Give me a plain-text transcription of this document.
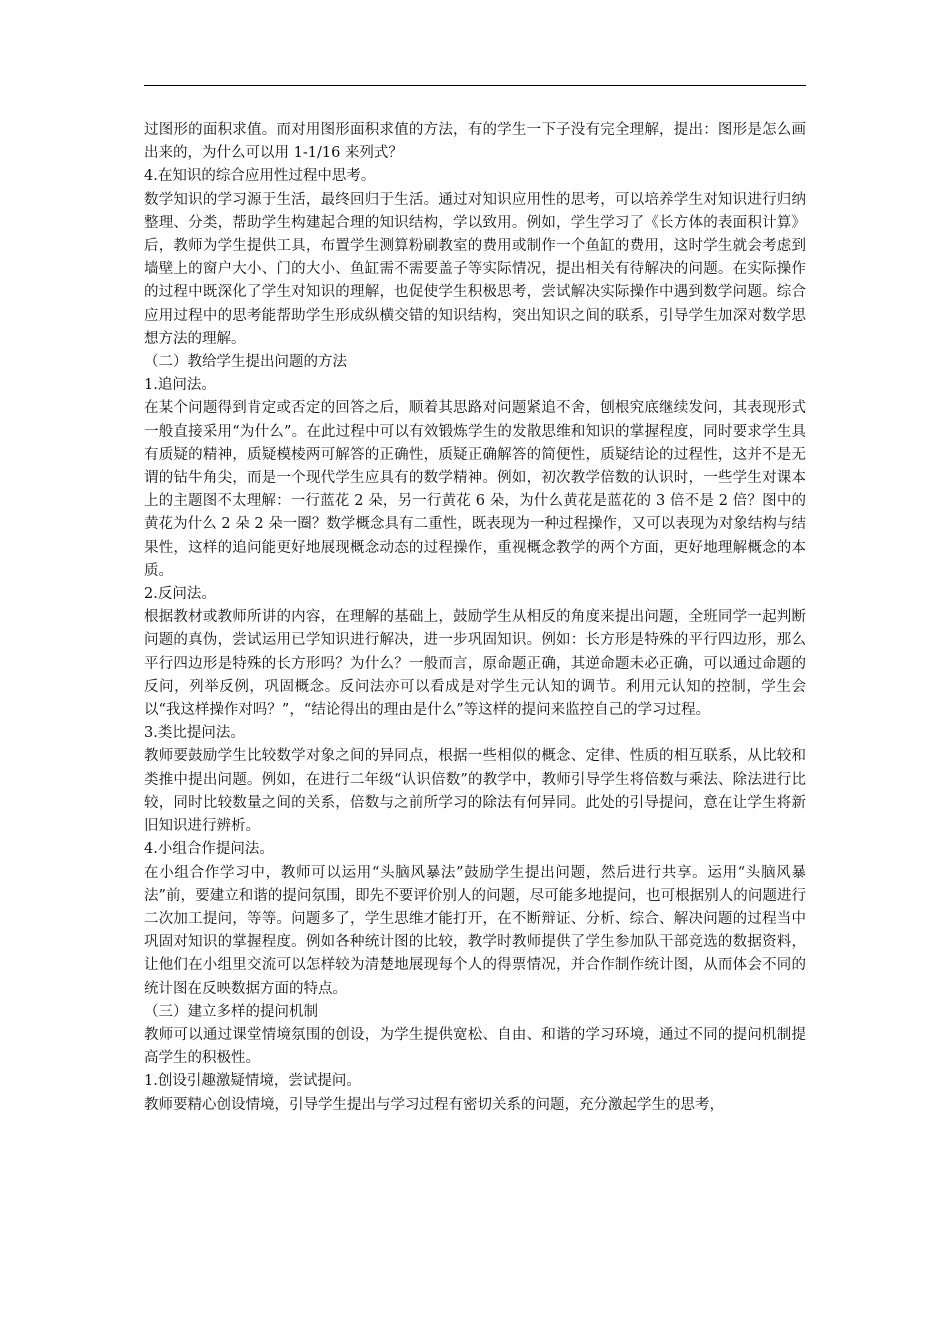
过图形的面积求值。而对用图形面积求值的方法，有的学生一下子没有完全理解，提出：图形是怎么画出来的，为什么可以用 1-1/16 来列式？

4.在知识的综合应用性过程中思考。

数学知识的学习源于生活，最终回归于生活。通过对知识应用性的思考，可以培养学生对知识进行归纳整理、分类，帮助学生构建起合理的知识结构，学以致用。例如，学生学习了《长方体的表面积计算》后，教师为学生提供工具，布置学生测算粉刷教室的费用或制作一个鱼缸的费用，这时学生就会考虑到墙壁上的窗户大小、门的大小、鱼缸需不需要盖子等实际情况，提出相关有待解决的问题。在实际操作的过程中既深化了学生对知识的理解，也促使学生积极思考，尝试解决实际操作中遇到数学问题。综合应用过程中的思考能帮助学生形成纵横交错的知识结构，突出知识之间的联系，引导学生加深对数学思想方法的理解。

（二）教给学生提出问题的方法

1.追问法。

在某个问题得到肯定或否定的回答之后，顺着其思路对问题紧追不舍，刨根究底继续发问，其表现形式一般直接采用“为什么”。在此过程中可以有效锻炼学生的发散思维和知识的掌握程度，同时要求学生具有质疑的精神，质疑模棱两可解答的正确性，质疑正确解答的简便性，质疑结论的过程性，这并不是无谓的钻牛角尖，而是一个现代学生应具有的数学精神。例如，初次教学倍数的认识时，一些学生对课本上的主题图不太理解：一行蓝花 2 朵，另一行黄花 6 朵，为什么黄花是蓝花的 3 倍不是 2 倍？图中的黄花为什么 2 朵 2 朵一圈？数学概念具有二重性，既表现为一种过程操作，又可以表现为对象结构与结果性，这样的追问能更好地展现概念动态的过程操作，重视概念教学的两个方面，更好地理解概念的本质。

2.反问法。

根据教材或教师所讲的内容，在理解的基础上，鼓励学生从相反的角度来提出问题，全班同学一起判断问题的真伪，尝试运用已学知识进行解决，进一步巩固知识。例如：长方形是特殊的平行四边形，那么平行四边形是特殊的长方形吗？为什么？一般而言，原命题正确，其逆命题未必正确，可以通过命题的反问，列举反例，巩固概念。反问法亦可以看成是对学生元认知的调节。利用元认知的控制，学生会以“我这样操作对吗？”，“结论得出的理由是什么”等这样的提问来监控自己的学习过程。

3.类比提问法。

教师要鼓励学生比较数学对象之间的异同点，根据一些相似的概念、定律、性质的相互联系，从比较和类推中提出问题。例如，在进行二年级“认识倍数”的教学中，教师引导学生将倍数与乘法、除法进行比较，同时比较数量之间的关系，倍数与之前所学习的除法有何异同。此处的引导提问，意在让学生将新旧知识进行辨析。

4.小组合作提问法。

在小组合作学习中，教师可以运用“头脑风暴法”鼓励学生提出问题，然后进行共享。运用“头脑风暴法”前，要建立和谐的提问氛围，即先不要评价别人的问题，尽可能多地提问，也可根据别人的问题进行二次加工提问，等等。问题多了，学生思维才能打开，在不断辩证、分析、综合、解决问题的过程当中巩固对知识的掌握程度。例如各种统计图的比较，教学时教师提供了学生参加队干部竞选的数据资料，让他们在小组里交流可以怎样较为清楚地展现每个人的得票情况，并合作制作统计图，从而体会不同的统计图在反映数据方面的特点。

（三）建立多样的提问机制

教师可以通过课堂情境氛围的创设，为学生提供宽松、自由、和谐的学习环境，通过不同的提问机制提高学生的积极性。

1.创设引趣激疑情境，尝试提问。

教师要精心创设情境，引导学生提出与学习过程有密切关系的问题，充分激起学生的思考，
